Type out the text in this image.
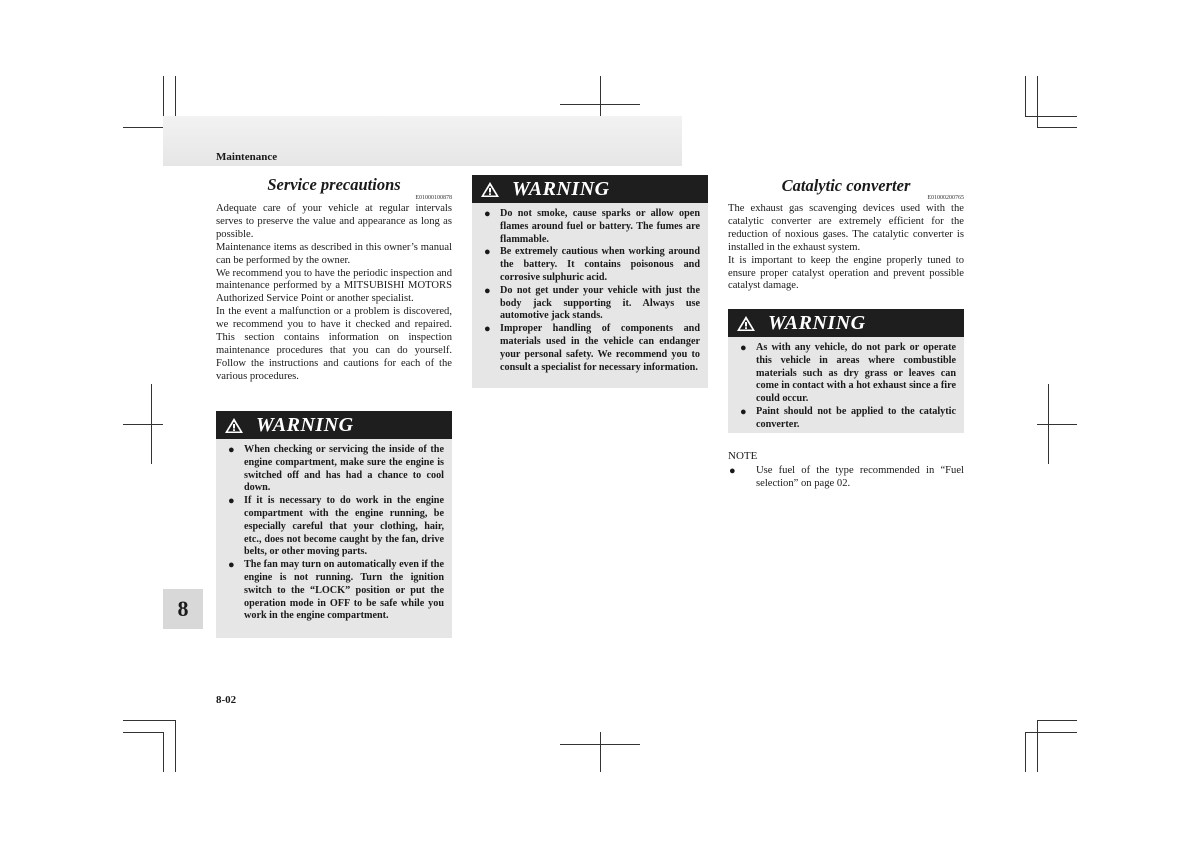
Maintenance
8
8-02
Service precautions
E01000100878

Adequate care of your vehicle at regular intervals serves to preserve the value and appearance as long as possible.

Maintenance items as described in this owner’s manual can be performed by the owner.

We recommend you to have the periodic inspection and maintenance performed by a MITSUBISHI MOTORS Authorized Service Point or another specialist.

In the event a malfunction or a problem is discovered, we recommend you to have it checked and repaired. This section contains information on inspection maintenance procedures that you can do yourself. Follow the instructions and cautions for each of the various procedures.

WARNING
● When checking or servicing the inside of the engine compartment, make sure the engine is switched off and has had a chance to cool down.
● If it is necessary to do work in the engine compartment with the engine running, be especially careful that your clothing, hair, etc., does not become caught by the fan, drive belts, or other moving parts.
● The fan may turn on automatically even if the engine is not running. Turn the ignition switch to the “LOCK” position or put the operation mode in OFF to be safe while you work in the engine compartment.
WARNING
● Do not smoke, cause sparks or allow open flames around fuel or battery. The fumes are flammable.
● Be extremely cautious when working around the battery. It contains poisonous and corrosive sulphuric acid.
● Do not get under your vehicle with just the body jack supporting it. Always use automotive jack stands.
● Improper handling of components and materials used in the vehicle can endanger your personal safety. We recommend you to consult a specialist for necessary information.
Catalytic converter
E01000200765

The exhaust gas scavenging devices used with the catalytic converter are extremely efficient for the reduction of noxious gases. The catalytic converter is installed in the exhaust system.

It is important to keep the engine properly tuned to ensure proper catalyst operation and prevent possible catalyst damage.

WARNING
● As with any vehicle, do not park or operate this vehicle in areas where combustible materials such as dry grass or leaves can come in contact with a hot exhaust since a fire could occur.
● Paint should not be applied to the catalytic converter.
NOTE
● Use fuel of the type recommended in “Fuel selection” on page 02.
